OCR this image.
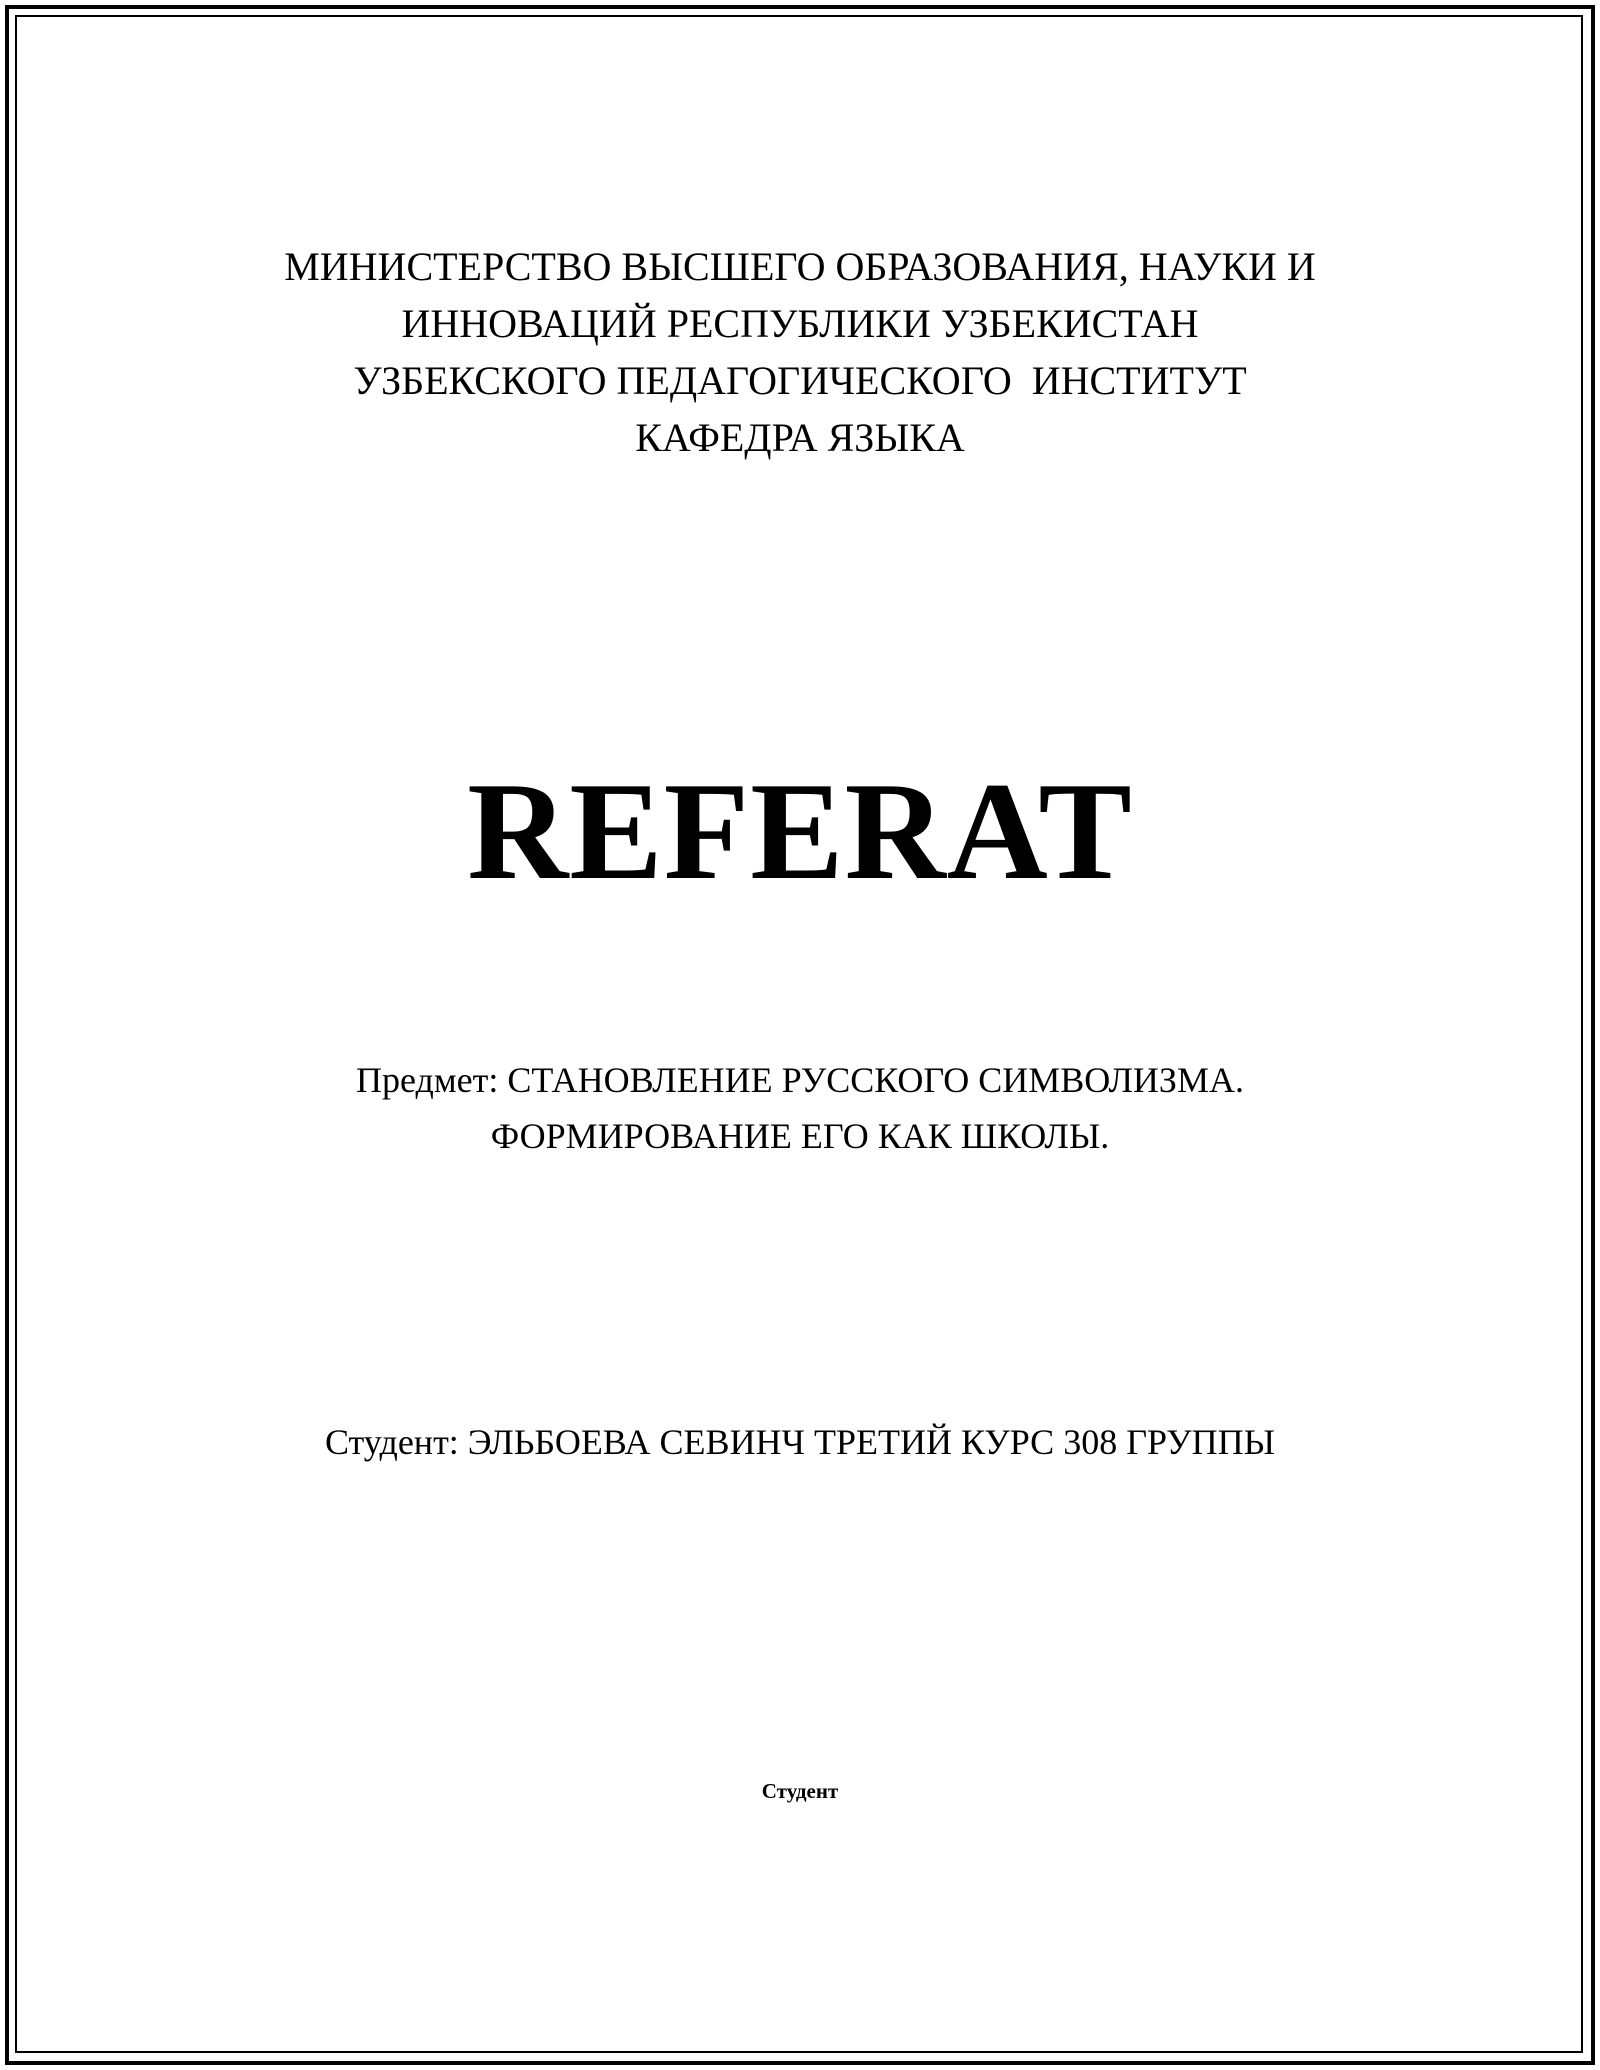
МИНИСТЕРСТВО ВЫСШЕГО ОБРАЗОВАНИЯ, НАУКИ И
ИННОВАЦИЙ РЕСПУБЛИКИ УЗБЕКИСТАН
УЗБЕКСКОГО ПЕДАГОГИЧЕСКОГО  ИНСТИТУТ
КАФЕДРА ЯЗЫКА
REFERAT
Предмет: СТАНОВЛЕНИЕ РУССКОГО СИМВОЛИЗМА.
ФОРМИРОВАНИЕ ЕГО КАК ШКОЛЫ.
Студент: ЭЛЬБОЕВА СЕВИНЧ ТРЕТИЙ КУРС 308 ГРУППЫ
Студент
